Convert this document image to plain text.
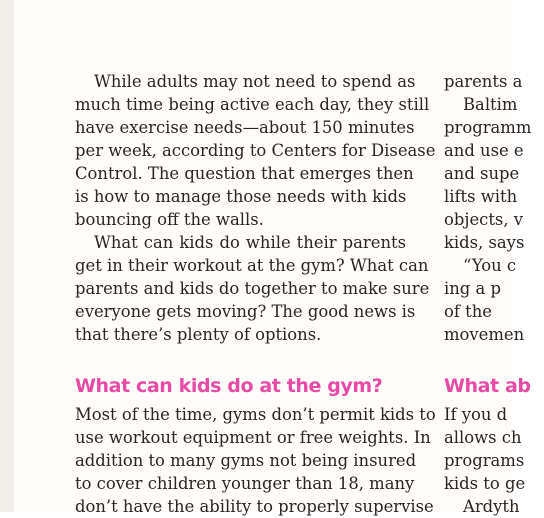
While adults may not need to spend as
much time being active each day, they still
have exercise needs—about 150 minutes
per week, according to Centers for Disease
Control. The question that emerges then
is how to manage those needs with kids
bouncing off the walls.

What can kids do while their parents
get in their workout at the gym? What can
parents and kids do together to make sure
everyone gets moving? The good news is
that there’s plenty of options.

What can kids do at the gym?

Most of the time, gyms don’t permit kids to
use workout equipment or free weights. In
addition to many gyms not being insured
to cover children younger than 18, many
don’t have the ability to properly supervise

parents a
Baltim
programm
and use e
and supe
lifts with
objects, v
kids, says
“You c
ing a p
of the
movemen
What ab
If you d
allows ch
programs
kids to ge
Ardyth
